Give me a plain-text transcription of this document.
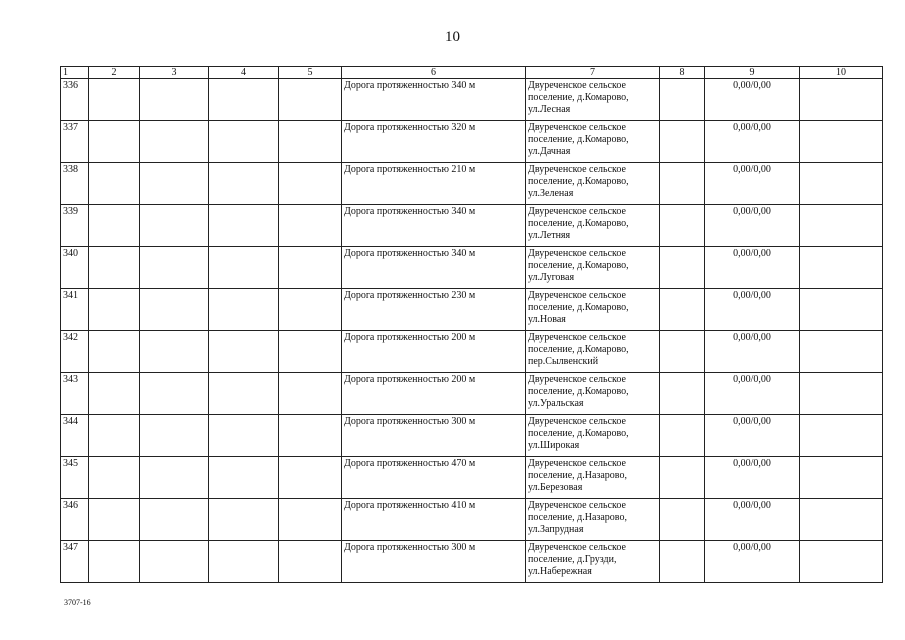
10
1	2	3	4	5	6	7	8	9	10
336					Дорога протяженностью 340 м	Двуреченское сельское
поселение, д.Комарово,
ул.Лесная		0,00/0,00	
337					Дорога протяженностью 320 м	Двуреченское сельское
поселение, д.Комарово,
ул.Дачная		0,00/0,00	
338					Дорога протяженностью 210 м	Двуреченское сельское
поселение, д.Комарово,
ул.Зеленая		0,00/0,00	
339					Дорога протяженностью 340 м	Двуреченское сельское
поселение, д.Комарово,
ул.Летняя		0,00/0,00	
340					Дорога протяженностью 340 м	Двуреченское сельское
поселение, д.Комарово,
ул.Луговая		0,00/0,00	
341					Дорога протяженностью 230 м	Двуреченское сельское
поселение, д.Комарово,
ул.Новая		0,00/0,00	
342					Дорога протяженностью 200 м	Двуреченское сельское
поселение, д.Комарово,
пер.Сылвенский		0,00/0,00	
343					Дорога протяженностью 200 м	Двуреченское сельское
поселение, д.Комарово,
ул.Уральская		0,00/0,00	
344					Дорога протяженностью 300 м	Двуреченское сельское
поселение, д.Комарово,
ул.Широкая		0,00/0,00	
345					Дорога протяженностью 470 м	Двуреченское сельское
поселение, д.Назарово,
ул.Березовая		0,00/0,00	
346					Дорога протяженностью 410 м	Двуреченское сельское
поселение, д.Назарово,
ул.Запрудная		0,00/0,00	
347					Дорога протяженностью 300 м	Двуреченское сельское
поселение, д.Грузди,
ул.Набережная		0,00/0,00	
3707-16
